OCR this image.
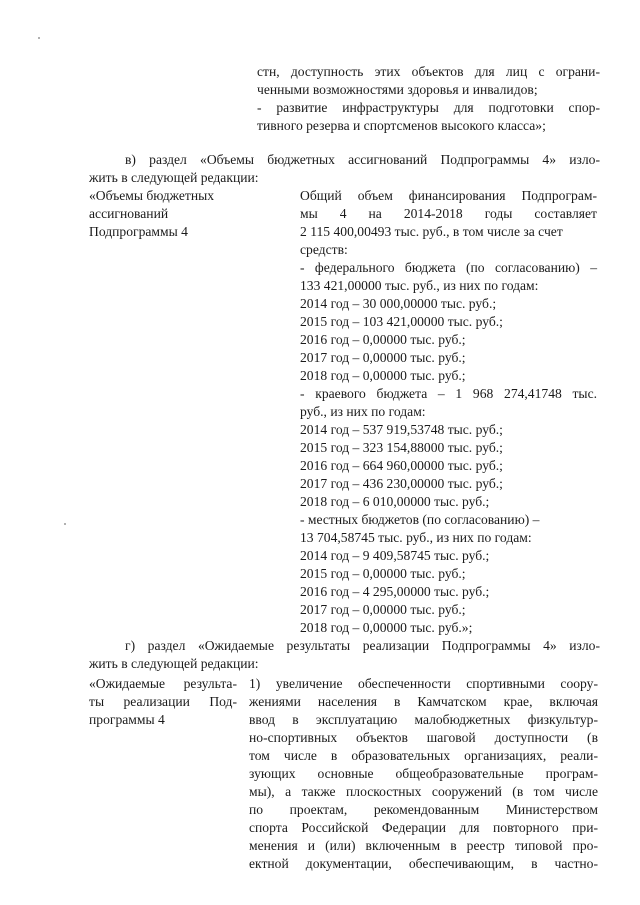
стн, доступность этих объектов для лиц с ограни-
ченными возможностями здоровья и инвалидов;
- развитие инфраструктуры для подготовки спор-
тивного резерва и спортсменов высокого класса»;
в) раздел «Объемы бюджетных ассигнований Подпрограммы 4» изло-
жить в следующей редакции:
«Объемы бюджетных
ассигнований
Подпрограммы 4
Общий объем финансирования Подпрограм-
мы 4 на 2014-2018 годы составляет
2 115 400,00493 тыс. руб., в том числе за счет
средств:
- федерального бюджета (по согласованию) –
133 421,00000 тыс. руб., из них по годам:
2014 год – 30 000,00000 тыс. руб.;
2015 год – 103 421,00000 тыс. руб.;
2016 год – 0,00000 тыс. руб.;
2017 год – 0,00000 тыс. руб.;
2018 год – 0,00000 тыс. руб.;
- краевого бюджета – 1 968 274,41748 тыс.
руб., из них по годам:
2014 год – 537 919,53748 тыс. руб.;
2015 год – 323 154,88000 тыс. руб.;
2016 год – 664 960,00000 тыс. руб.;
2017 год – 436 230,00000 тыс. руб.;
2018 год – 6 010,00000 тыс. руб.;
- местных бюджетов (по согласованию) –
13 704,58745 тыс. руб., из них по годам:
2014 год – 9 409,58745 тыс. руб.;
2015 год – 0,00000 тыс. руб.;
2016 год – 4 295,00000 тыс. руб.;
2017 год – 0,00000 тыс. руб.;
2018 год – 0,00000 тыс. руб.»;
г) раздел «Ожидаемые результаты реализации Подпрограммы 4» изло-
жить в следующей редакции:
«Ожидаемые результа-
ты реализации Под-
программы 4
1) увеличение обеспеченности спортивными соору-
жениями населения в Камчатском крае, включая
ввод в эксплуатацию малобюджетных физкультур-
но-спортивных объектов шаговой доступности (в
том числе в образовательных организациях, реали-
зующих основные общеобразовательные програм-
мы), а также плоскостных сооружений (в том числе
по проектам, рекомендованным Министерством
спорта Российской Федерации для повторного при-
менения и (или) включенным в реестр типовой про-
ектной документации, обеспечивающим, в частно-
